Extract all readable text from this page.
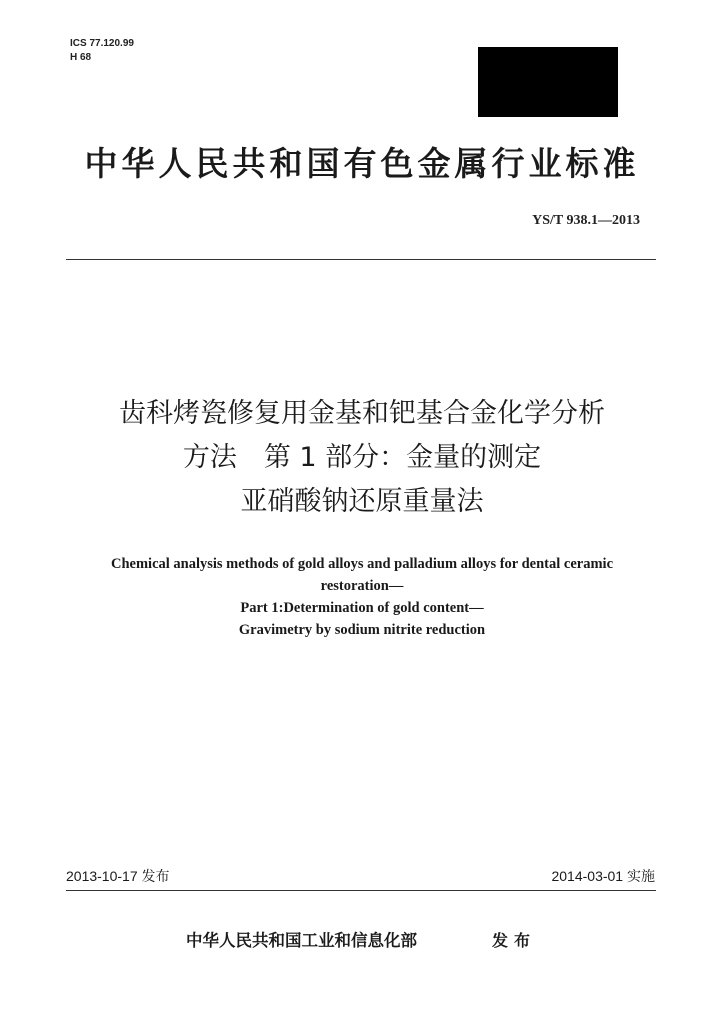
ICS 77.120.99
H 68
中华人民共和国有色金属行业标准
YS/T 938.1—2013
齿科烤瓷修复用金基和钯基合金化学分析
方法　第 1 部分：金量的测定
亚硝酸钠还原重量法
Chemical analysis methods of gold alloys and palladium alloys for dental ceramic
restoration—
Part 1:Determination of gold content—
Gravimetry by sodium nitrite reduction
2013-10-17 发布	2014-03-01 实施
中华人民共和国工业和信息化部	发布
